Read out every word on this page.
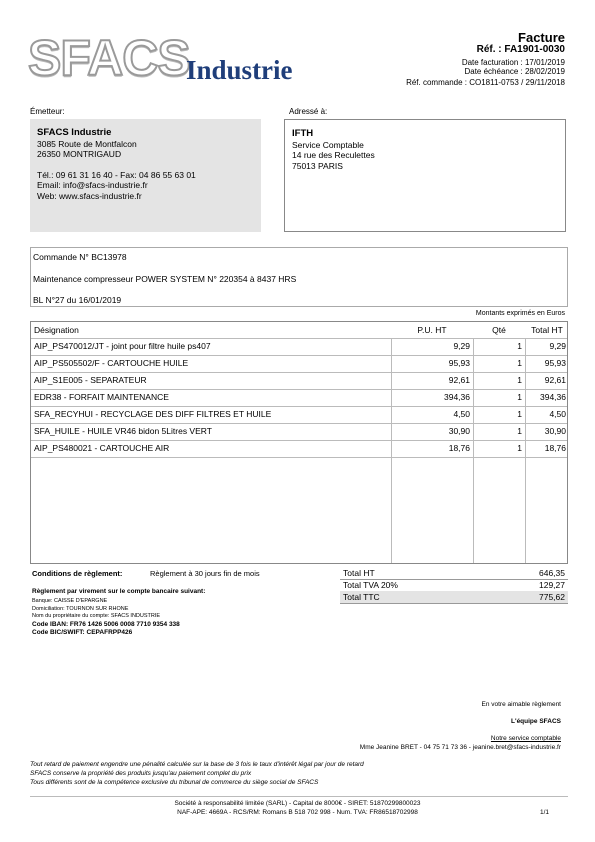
SFACS
Industrie
Facture
Réf. : FA1901-0030
Date facturation : 17/01/2019
Date échéance : 28/02/2019
Réf. commande : CO1811-0753 / 29/11/2018
Émetteur:
SFACS Industrie
3085 Route de Montfalcon
26350 MONTRIGAUD
Tél.: 09 61 31 16 40 - Fax: 04 86 55 63 01
Email: info@sfacs-industrie.fr
Web: www.sfacs-industrie.fr
Adressé à:
IFTH
Service Comptable
14 rue des Reculettes
75013 PARIS
Commande N° BC13978
Maintenance compresseur POWER SYSTEM N° 220354 à 8437 HRS
BL N°27 du 16/01/2019
Montants exprimés en Euros
Désignation	P.U. HT	Qté	Total HT
AIP_PS470012/JT - joint pour filtre huile ps407	9,29	1	9,29
AIP_PS505502/F - CARTOUCHE HUILE	95,93	1	95,93
AIP_S1E005 - SEPARATEUR	92,61	1	92,61
EDR38 - FORFAIT MAINTENANCE	394,36	1	394,36
SFA_RECYHUI - RECYCLAGE DES DIFF FILTRES ET HUILE	4,50	1	4,50
SFA_HUILE - HUILE VR46 bidon 5Litres VERT	30,90	1	30,90
AIP_PS480021 - CARTOUCHE AIR	18,76	1	18,76
Conditions de règlement:	Règlement à 30 jours fin de mois
Règlement par virement sur le compte bancaire suivant:
Banque: CAISSE D'EPARGNE
Domiciliation: TOURNON SUR RHONE
Nom du propriétaire du compte: SFACS INDUSTRIE
Code IBAN: FR76 1426 5006 0008 7710 9354 338
Code BIC/SWIFT: CEPAFRPP426
Total HT	646,35
Total TVA 20%	129,27
Total TTC	775,62
En votre aimable règlement
L'équipe SFACS
Notre service comptable
Mme Jeanine BRET - 04 75 71 73 36 - jeanine.bret@sfacs-industrie.fr
Tout retard de paiement engendre une pénalité calculée sur la base de 3 fois le taux d'intérêt légal par jour de retard
SFACS conserve la propriété des produits jusqu'au paiement complet du prix
Tous différents sont de la compétence exclusive du tribunal de commerce du siège social de SFACS
Société à responsabilité limitée (SARL) - Capital de 8000€ - SIRET: 51870299800023
NAF-APE: 4669A - RCS/RM: Romans B 518 702 998 - Num. TVA: FR86518702998	1/1
